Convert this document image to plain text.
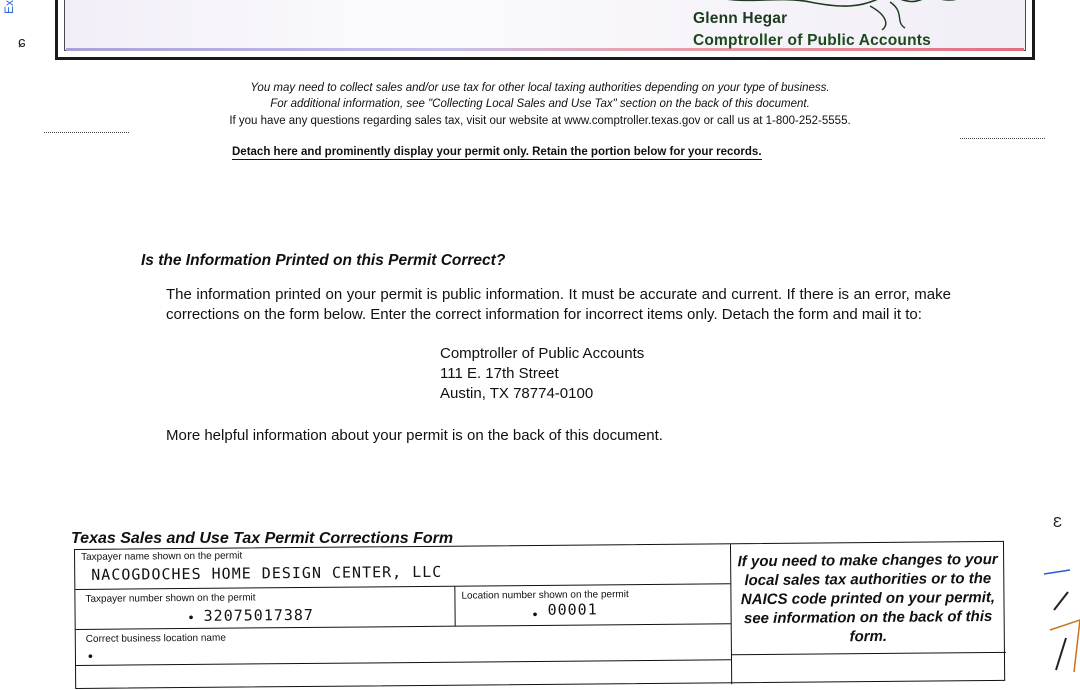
Glenn Hegar
Comptroller of Public Accounts
Ex
ɕ
Ɛ
You may need to collect sales and/or use tax for other local taxing authorities depending on your type of business.
For additional information, see "Collecting Local Sales and Use Tax" section on the back of this document.
If you have any questions regarding sales tax, visit our website at www.comptroller.texas.gov or call us at 1-800-252-5555.
Detach here and prominently display your permit only. Retain the portion below for your records.
Is the Information Printed on this Permit Correct?
The information printed on your permit is public information. It must be accurate and current. If there is an error, make corrections on the form below. Enter the correct information for incorrect items only. Detach the form and mail it to:
Comptroller of Public Accounts
111 E. 17th Street
Austin, TX 78774-0100
More helpful information about your permit is on the back of this document.
Texas Sales and Use Tax Permit Corrections Form
Taxpayer name shown on the permit
NACOGDOCHES HOME DESIGN CENTER, LLC
Taxpayer number shown on the permit
• 32075017387
Location number shown on the permit
• 00001
Correct business location name
•
If you need to make changes to your local sales tax authorities or to the NAICS code printed on your permit, see information on the back of this form.
